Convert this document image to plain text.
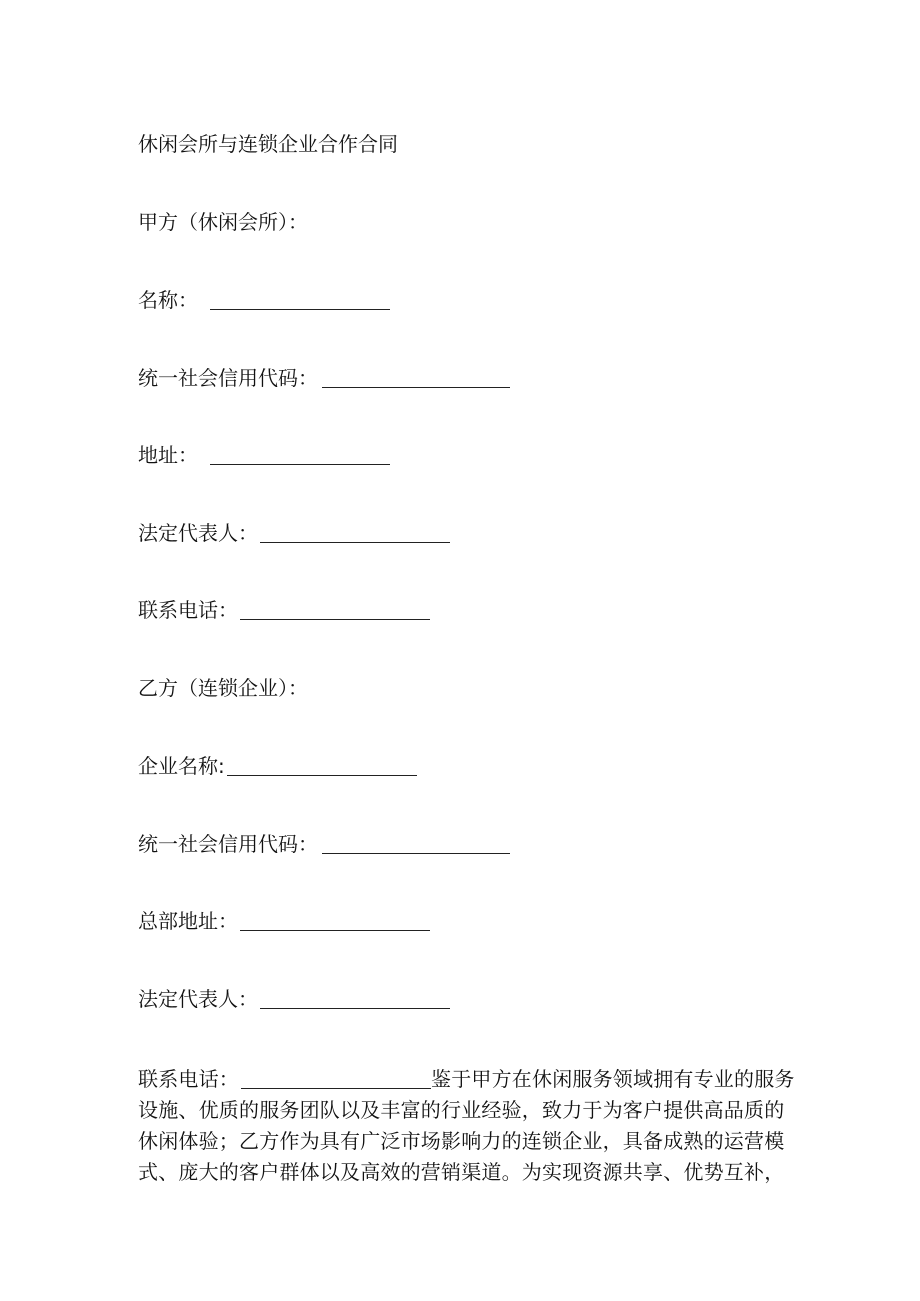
休闲会所与连锁企业合作合同
甲方（休闲会所）：
名称：
统一社会信用代码：
地址：
法定代表人：
联系电话：
乙方（连锁企业）：
企业名称:
统一社会信用代码：
总部地址：
法定代表人：
联系电话：	鉴于甲方在休闲服务领域拥有专业的服务设施、优质的服务团队以及丰富的行业经验，致力于为客户提供高品质的休闲体验；乙方作为具有广泛市场影响力的连锁企业，具备成熟的运营模式、庞大的客户群体以及高效的营销渠道。为实现资源共享、优势互补，
